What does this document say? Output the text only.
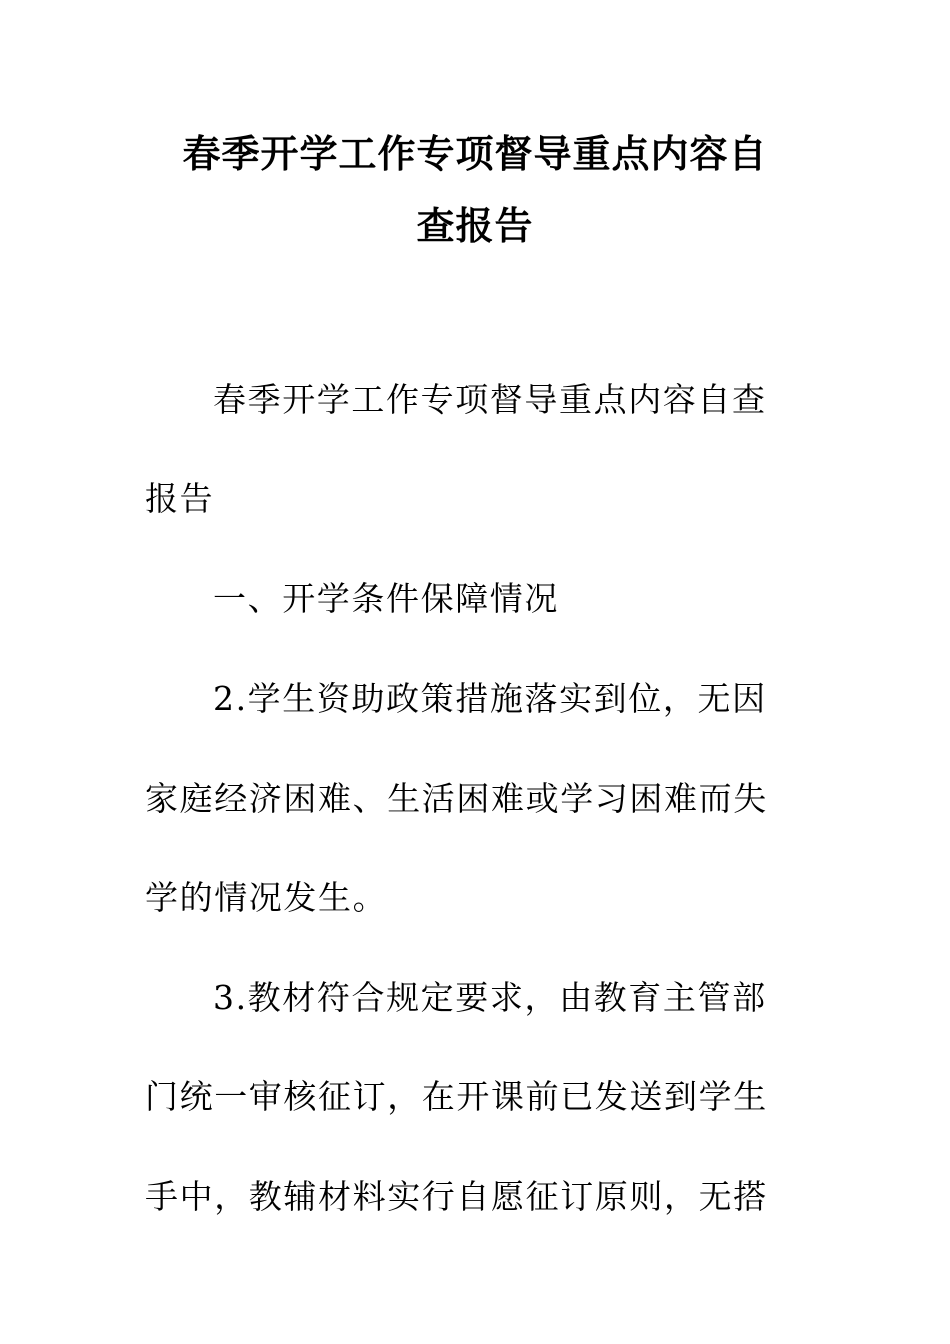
春季开学工作专项督导重点内容自
查报告
春季开学工作专项督导重点内容自查
报告
一、开学条件保障情况
2.学生资助政策措施落实到位，无因
家庭经济困难、生活困难或学习困难而失
学的情况发生。
3.教材符合规定要求，由教育主管部
门统一审核征订，在开课前已发送到学生
手中，教辅材料实行自愿征订原则，无搭
